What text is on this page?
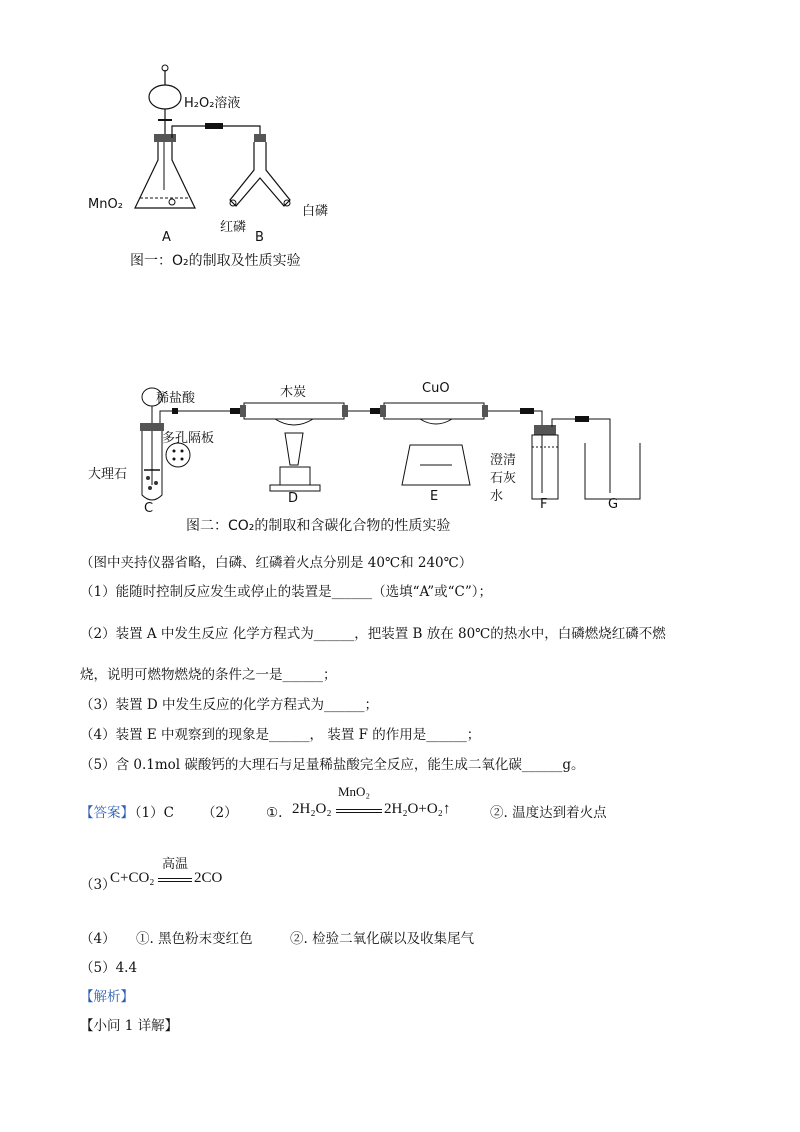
H₂O₂溶液
MnO₂
红磷
白磷
A	B
图一：O₂的制取及性质实验
稀盐酸
多孔隔板
大理石
木炭	CuO
澄清
石灰
水
C
D	E
F	G
图二：CO₂的制取和含碳化合物的性质实验
（图中夹持仪器省略，白磷、红磷着火点分别是 40℃和 240℃）
（1）能随时控制反应发生或停止的装置是______（选填“A”或“C”）；
（2）装置 A 中发生反应 化学方程式为______，把装置 B 放在 80℃的热水中，白磷燃烧红磷不燃
烧，说明可燃物燃烧的条件之一是______；
（3）装置 D 中发生反应的化学方程式为______；
（4）装置 E 中观察到的现象是______， 装置 F 的作用是______；
（5）含 0.1mol 碳酸钙的大理石与足量稀盐酸完全反应，能生成二氧化碳______g。
【答案】
（1）C （2） ①. 2H₂O₂
MnO₂
2H₂O+O₂↑	②. 温度达到着火点
（3）
C+CO₂
高温
2CO
（4） ①. 黑色粉末变红色	②. 检验二氧化碳以及收集尾气
（5）4.4
【解析】
【小问 1 详解】
